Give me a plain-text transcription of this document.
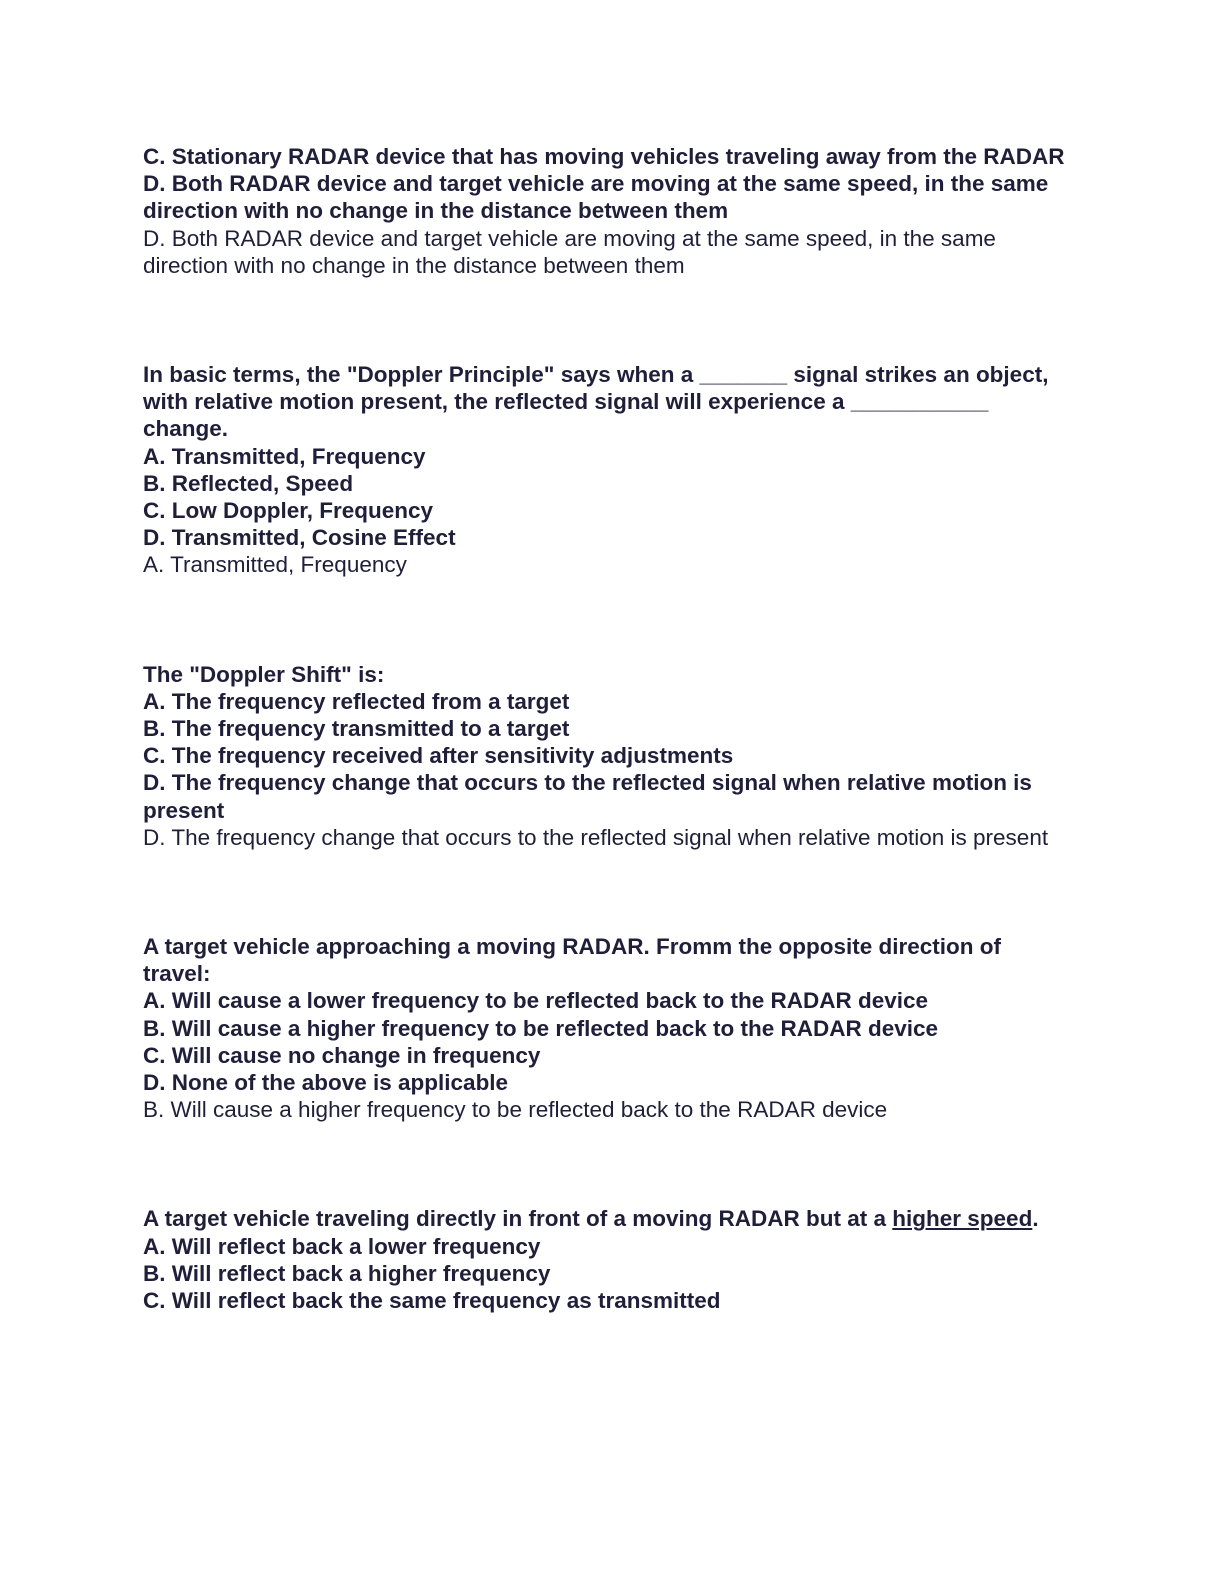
C. Stationary RADAR device that has moving vehicles traveling away from the RADAR

D. Both RADAR device and target vehicle are moving at the same speed, in the same direction with no change in the distance between them

D. Both RADAR device and target vehicle are moving at the same speed, in the same direction with no change in the distance between them

In basic terms, the "Doppler Principle" says when a _______ signal strikes an object, with relative motion present, the reflected signal will experience a ___________ change.

A. Transmitted, Frequency

B. Reflected, Speed

C. Low Doppler, Frequency

D. Transmitted, Cosine Effect

A. Transmitted, Frequency

The "Doppler Shift" is:

A. The frequency reflected from a target

B. The frequency transmitted to a target

C. The frequency received after sensitivity adjustments

D. The frequency change that occurs to the reflected signal when relative motion is present

D. The frequency change that occurs to the reflected signal when relative motion is present

A target vehicle approaching a moving RADAR. Fromm the opposite direction of travel:

A. Will cause a lower frequency to be reflected back to the RADAR device

B. Will cause a higher frequency to be reflected back to the RADAR device

C. Will cause no change in frequency

D. None of the above is applicable

B. Will cause a higher frequency to be reflected back to the RADAR device

A target vehicle traveling directly in front of a moving RADAR but at a higher speed.

A. Will reflect back a lower frequency

B. Will reflect back a higher frequency

C. Will reflect back the same frequency as transmitted
